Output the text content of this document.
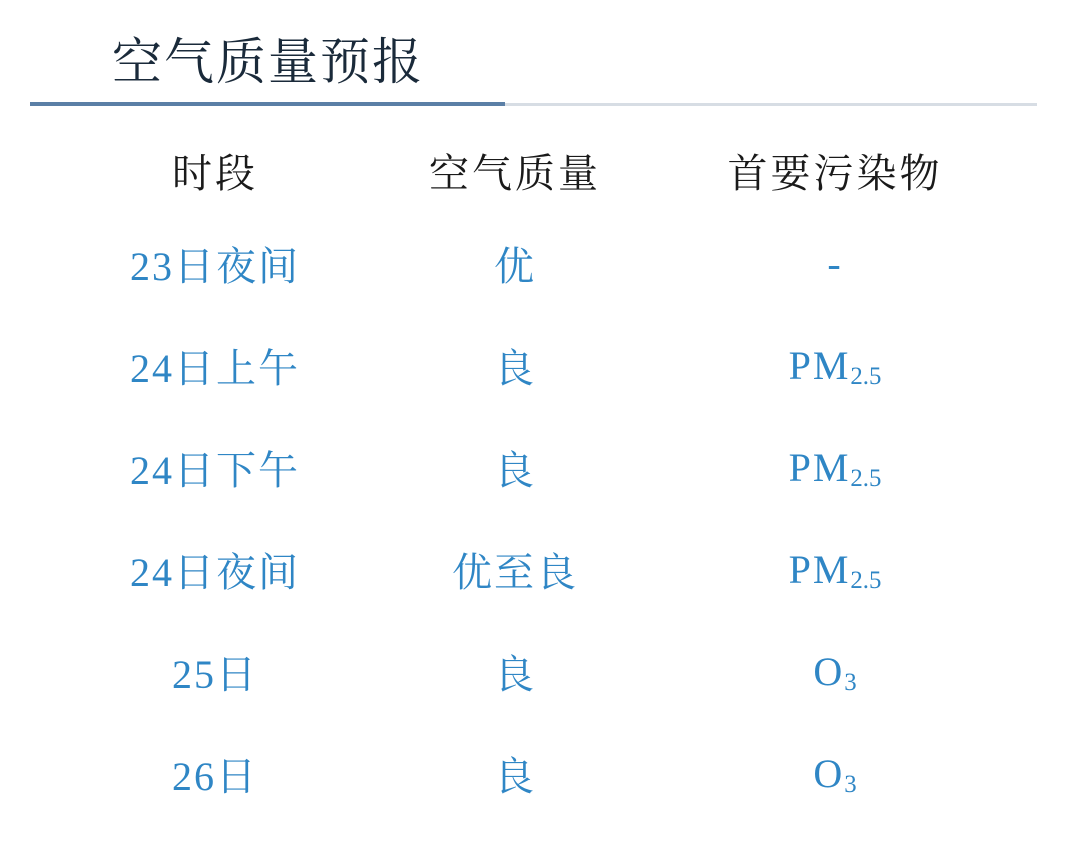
空气质量预报
时段	空气质量	首要污染物
23日夜间	优	-
24日上午	良	$PM_{2.5}$
24日下午	良	$PM_{2.5}$
24日夜间	优至良	$PM_{2.5}$
25日	良	$O_3$
26日	良	$O_3$
